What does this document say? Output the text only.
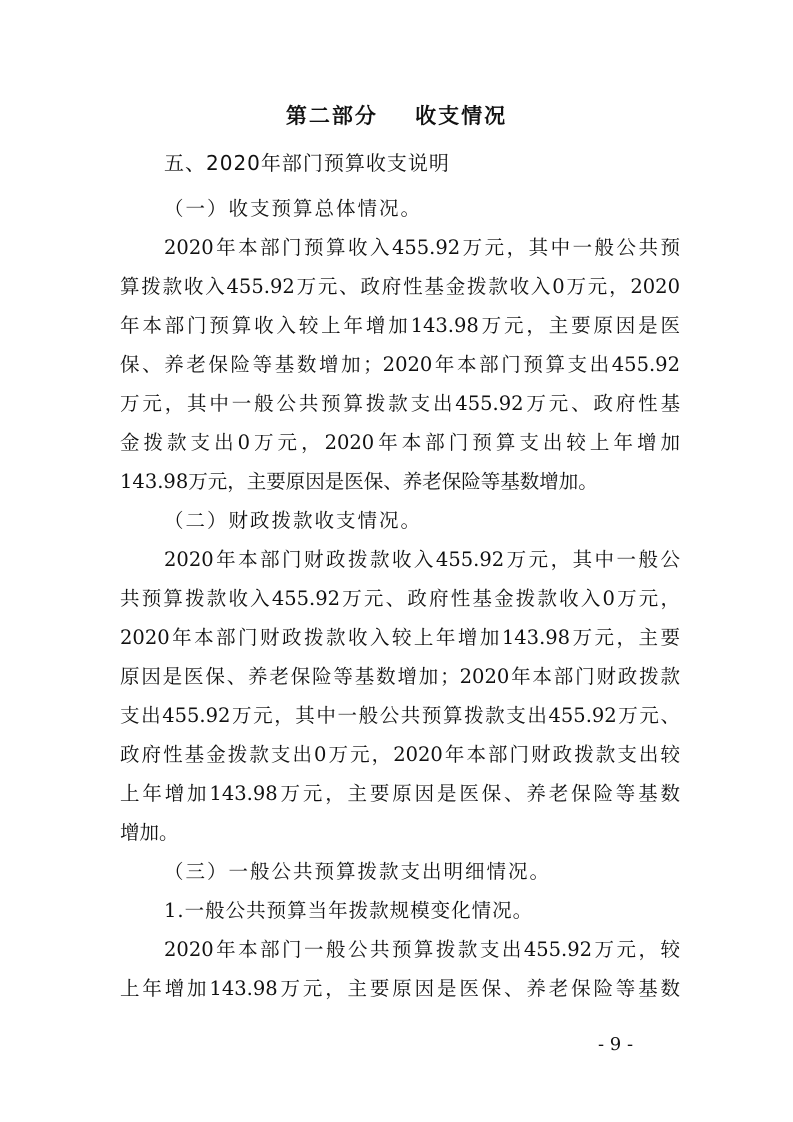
第二部分    收支情况
五、2020年部门预算收支说明
（一）收支预算总体情况。
2020年本部门预算收入455.92万元，其中一般公共预
算拨款收入455.92万元、政府性基金拨款收入0万元，2020
年本部门预算收入较上年增加143.98万元，主要原因是医
保、养老保险等基数增加；2020年本部门预算支出455.92
万元，其中一般公共预算拨款支出455.92万元、政府性基
金拨款支出0万元，2020年本部门预算支出较上年增加
143.98万元，主要原因是医保、养老保险等基数增加。
（二）财政拨款收支情况。
2020年本部门财政拨款收入455.92万元，其中一般公
共预算拨款收入455.92万元、政府性基金拨款收入0万元，
2020年本部门财政拨款收入较上年增加143.98万元，主要
原因是医保、养老保险等基数增加；2020年本部门财政拨款
支出455.92万元，其中一般公共预算拨款支出455.92万元、
政府性基金拨款支出0万元，2020年本部门财政拨款支出较
上年增加143.98万元，主要原因是医保、养老保险等基数
增加。
（三）一般公共预算拨款支出明细情况。
1.一般公共预算当年拨款规模变化情况。
2020年本部门一般公共预算拨款支出455.92万元，较
上年增加143.98万元，主要原因是医保、养老保险等基数
- 9 -
